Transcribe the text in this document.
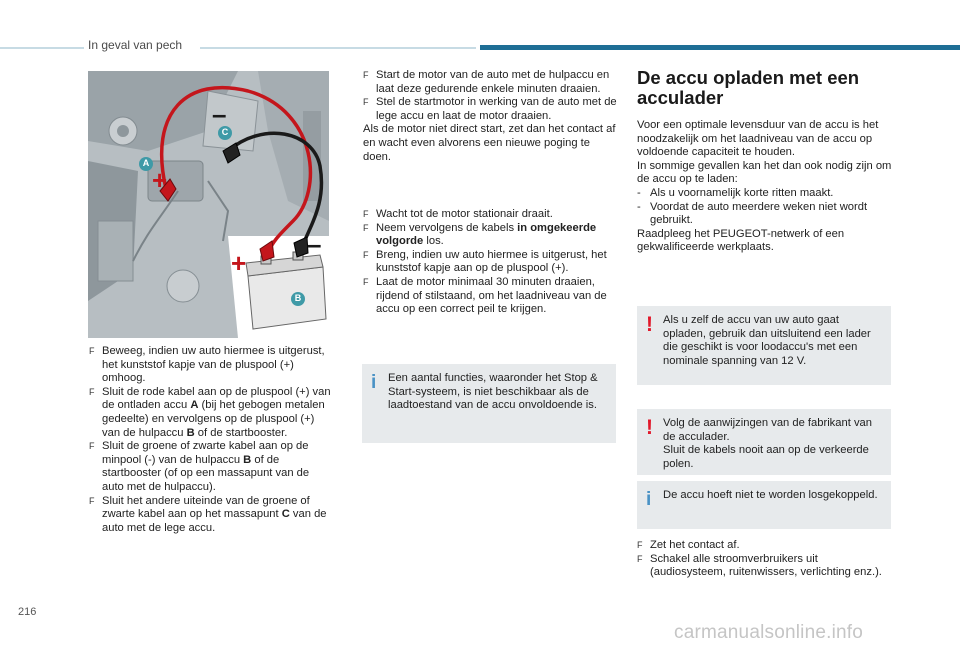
In geval van pech
A
C
B
+
–
+
–
F Beweeg, indien uw auto hiermee is uitgerust, het kunststof kapje van de pluspool (+) omhoog.
F Sluit de rode kabel aan op de pluspool (+) van de ontladen accu A (bij het gebogen metalen gedeelte) en vervolgens op de pluspool (+) van de hulpaccu B of de startbooster.
F Sluit de groene of zwarte kabel aan op de minpool (-) van de hulpaccu B of de startbooster (of op een massapunt van de auto met de hulpaccu).
F Sluit het andere uiteinde van de groene of zwarte kabel aan op het massapunt C van de auto met de lege accu.
F Start de motor van de auto met de hulpaccu en laat deze gedurende enkele minuten draaien.
F Stel de startmotor in werking van de auto met de lege accu en laat de motor draaien.
Als de motor niet direct start, zet dan het contact af en wacht even alvorens een nieuwe poging te doen.
F Wacht tot de motor stationair draait.
F Neem vervolgens de kabels in omgekeerde volgorde los.
F Breng, indien uw auto hiermee is uitgerust, het kunststof kapje aan op de pluspool (+).
F Laat de motor minimaal 30 minuten draaien, rijdend of stilstaand, om het laadniveau van de accu op een correct peil te krijgen.
i Een aantal functies, waaronder het Stop & Start-systeem, is niet beschikbaar als de laadtoestand van de accu onvoldoende is.
De accu opladen met een acculader
Voor een optimale levensduur van de accu is het noodzakelijk om het laadniveau van de accu op voldoende capaciteit te houden.
In sommige gevallen kan het dan ook nodig zijn om de accu op te laden:
- Als u voornamelijk korte ritten maakt.
- Voordat de auto meerdere weken niet wordt gebruikt.
Raadpleeg het PEUGEOT-netwerk of een gekwalificeerde werkplaats.
! Als u zelf de accu van uw auto gaat opladen, gebruik dan uitsluitend een lader die geschikt is voor loodaccu's met een nominale spanning van 12 V.
! Volg de aanwijzingen van de fabrikant van de acculader.
Sluit de kabels nooit aan op de verkeerde polen.
i De accu hoeft niet te worden losgekoppeld.
F Zet het contact af.
F Schakel alle stroomverbruikers uit (audiosysteem, ruitenwissers, verlichting enz.).
216
carmanualsonline.info
